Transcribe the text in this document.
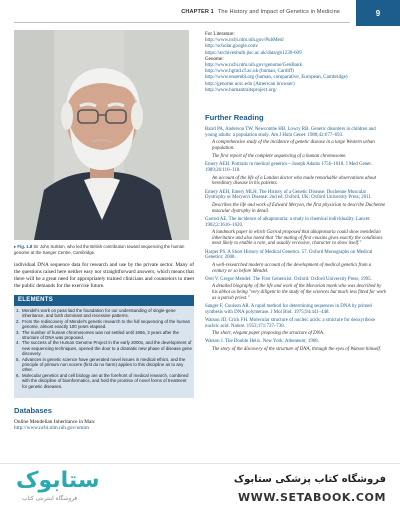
CHAPTER 1 The History and Impact of Genetics in Medicine	9
▸ Fig. 1.8 Sir John Sulston, who led the British contribution toward sequencing the human genome at the Sanger Centre, Cambridge.
individual DNA sequence data for research and use by the private sector. Many of the questions raised here neither easy nor straightforward answers, which means that there will be a great need for appropriately trained clinicians and counselors to meet the public demands for the exercise future.
ELEMENTS
1. Mendel's work on peas laid the foundation for our understanding of single-gene inheritance, and both dominant and recessive patterns.
2. From the rediscovery of Mendel's genetic research to the full sequencing of the human genome, almost exactly 100 years elapsed.
3. The number of human chromosomes was not settled until 1956, 3 years after the structure of DNA was proposed.
4. The success of the Human Genome Project in the early 2000s, and the development of new sequencing techniques, opened the door to a dramatic new phase of disease gene discovery.
5. Advances in genetic science have generated novel issues in medical ethics, and the principle of primum non nocere (first do no harm) applies to this discipline as to any other.
6. Molecular genetics and cell biology are at the forefront of medical research, combined with the discipline of bioinformatics, and hold the promise of novel forms of treatment for genetic diseases.
Databases
Online Mendelian Inheritance in Man:
http://www.ncbi.nlm.nih.gov/omim
For Literature:
http://www.ncbi.nlm.nih.gov/PubMed/
http://scholar.google.com/
https://archivesbulb.jisc.ac.uk/data/gb1239-609
Genome:
http://www.ncbi.nlm.nih.gov/genome/GenBank
http://www.hgmd.cf.ac.uk (human, Cardiff)
http://www.ensembl.org (human, comparative, European, Cambridge)
http://genome.ucsc.edu (American browser)
http://www.humantraitsproject.org/
Further Reading
Baird PA, Anderson TW, Newcombe HB, Lowry RB. Genetic disorders in children and young adults: a population study. Am J Hum Genet. 1988;42:677–693.
A comprehensive study of the incidence of genetic disease in a large Western urban population.
The first report of the complete sequencing of a human chromosome.
Emery AEH. Portraits in medical genetics—Joseph Adams 1756–1818. J Med Genet. 1989;26:116–118.
An account of the life of a London doctor who made remarkable observations about hereditary disease in his patients.
Emery AEH, Emery MLH. The History of a Genetic Disease: Duchenne Muscular Dystrophy or Meryon's Disease. 2nd ed. Oxford, UK: Oxford University Press; 2011.
Describes the life and work of Edward Meryon, the first physician to describe Duchenne muscular dystrophy in detail.
Garrod AE. The incidence of alkaptonuria: a study in chemical individuality. Lancet. 1902;2:1616–1620.
A landmark paper in which Garrod proposed that alkaptonuria could show mendelian inheritance and also noted that "the mating of first cousins gives exactly the conditions most likely to enable a rare, and usually recessive, character to show itself."
Harper PS. A Short History of Medical Genetics. 57. Oxford Monographs on Medical Genetics; 2008.
A well-researched modern account of the development of medical genetics from a century or so before Mendel.
Orel V. Gregor Mendel: The First Geneticist. Oxford: Oxford University Press; 1995.
A detailed biography of the life and work of the Moravian monk who was described by his abbot as being "very diligent in the study of the sciences but much less fitted for work as a parish priest."
Sanger F, Coulson AR. A rapid method for determining sequences in DNA by primed synthesis with DNA polymerase. J Mol Biol. 1975;94:441–448.
Watson JD, Crick FH. Molecular structure of nucleic acids: a structure for deoxyribose nucleic acid. Nature. 1953;171:737–738.
The short, elegant paper proposing the structure of DNA.
Watson J. The Double Helix. New York: Atheneum; 1968.
The story of the discovery of the structure of DNA, through the eyes of Watson himself.
ستابوک
فروشگاه اینترنتی کتاب
فروشگاه کتاب پزشکی ستابوک
WWW.SETABOOK.COM
